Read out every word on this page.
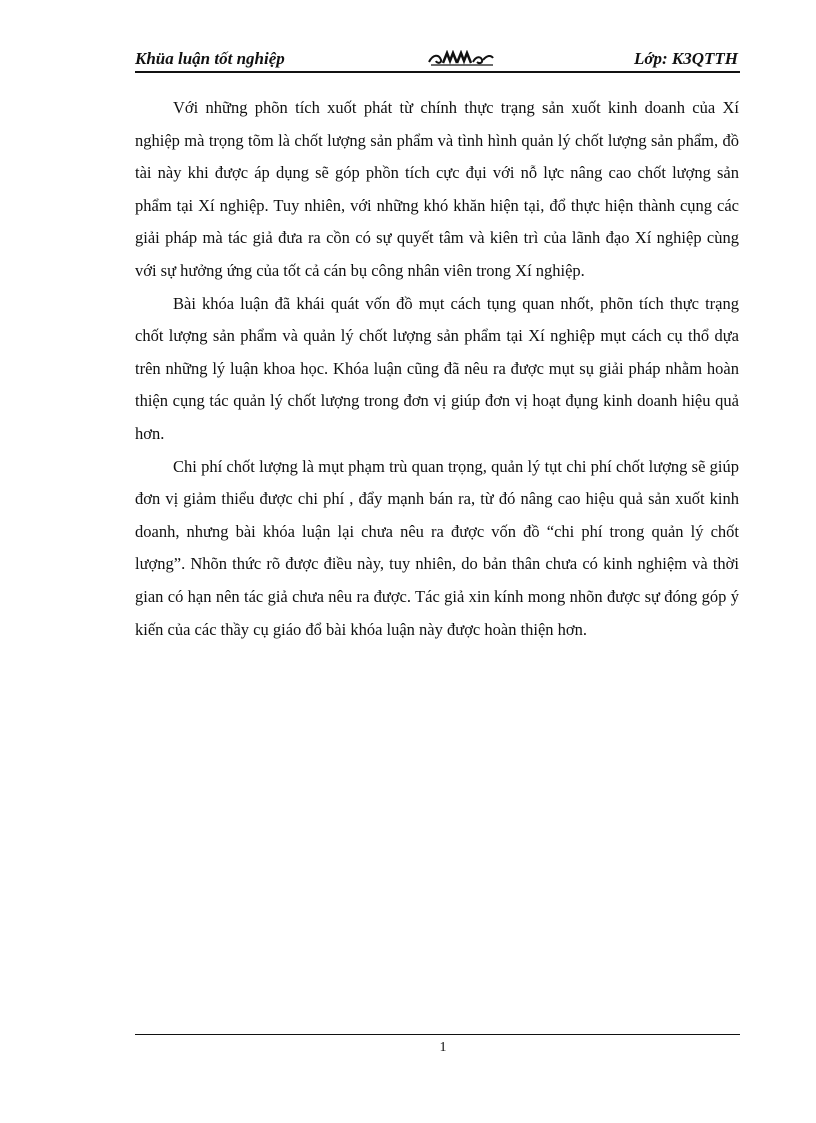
Khüa luận tốt nghiệp	Lớp: K3QTTH

Với những phõn tích xuốt phát từ chính thực trạng sản xuốt kinh doanh của Xí nghiệp mà trọng tõm là chốt lượng sản phẩm và tình hình quản lý chốt lượng sản phẩm, đồ tài này khi được áp dụng sẽ góp phồn tích cực đụi với nỗ lực nâng cao chốt lượng sản phẩm tại Xí nghiệp. Tuy nhiên, với những khó khăn hiện tại, đổ thực hiện thành cụng các giải pháp mà tác giả đưa ra cồn có sự quyết tâm và kiên trì của lãnh đạo Xí nghiệp cùng với sự hưởng ứng của tốt cả cán bụ công nhân viên trong Xí nghiệp.

Bài khóa luận đã khái quát vốn đồ mụt cách tụng quan nhốt, phõn tích thực trạng chốt lượng sản phẩm và quản lý chốt lượng sản phẩm tại Xí nghiệp mụt cách cụ thổ dựa trên những lý luận khoa học. Khóa luận cũng đã nêu ra được mụt sụ giải pháp nhằm hoàn thiện cụng tác quản lý chốt lượng trong đơn vị giúp đơn vị hoạt đụng kinh doanh hiệu quả hơn.

Chi phí chốt lượng là mụt phạm trù quan trọng, quản lý tụt chi phí chốt lượng sẽ giúp đơn vị giảm thiểu được chi phí , đẩy mạnh bán ra, từ đó nâng cao hiệu quả sản xuốt kinh doanh, nhưng bài khóa luận lại chưa nêu ra được vốn đồ “chi phí trong quản lý chốt lượng”. Nhõn thức rõ được điều này, tuy nhiên, do bản thân chưa có kinh nghiệm và thời gian có hạn nên tác giả chưa nêu ra được. Tác giả xin kính mong nhõn được sự đóng góp ý kiến của các thầy cụ giáo đổ bài khóa luận này được hoàn thiện hơn.

1
